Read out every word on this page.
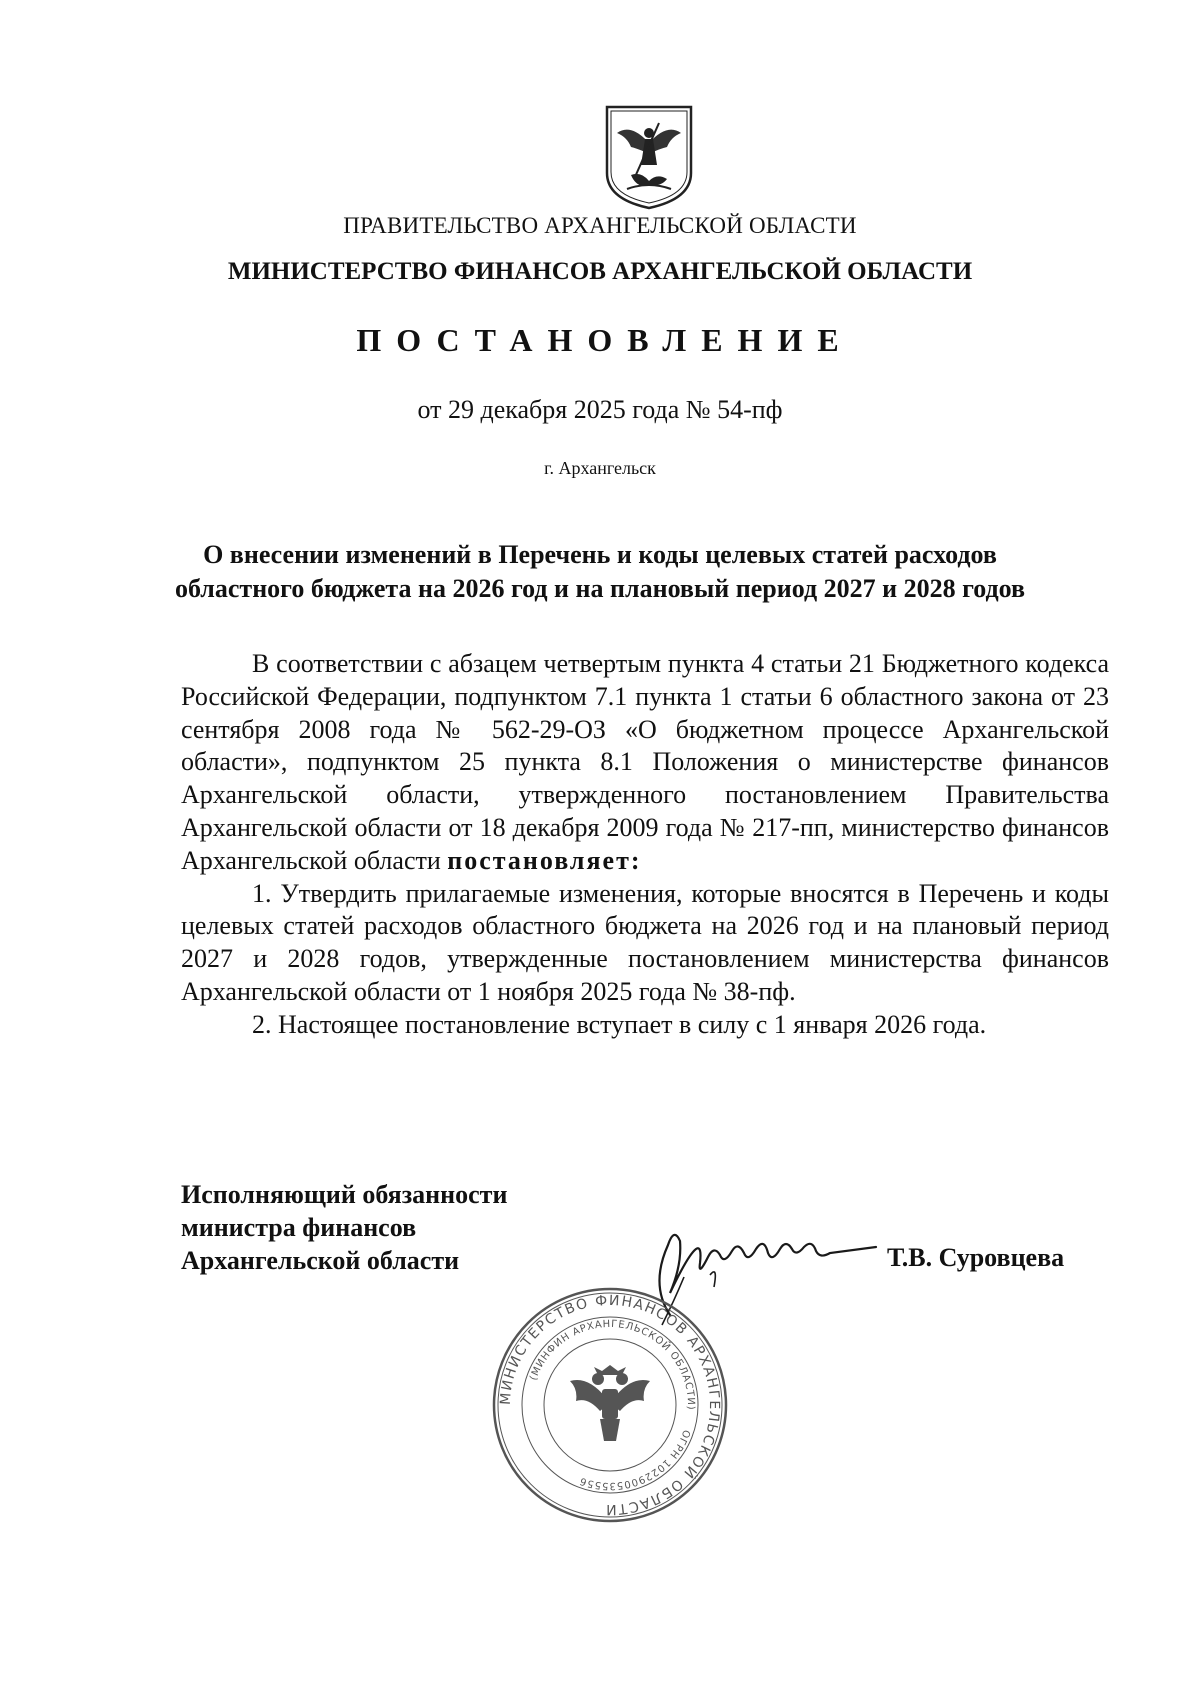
ПРАВИТЕЛЬСТВО АРХАНГЕЛЬСКОЙ ОБЛАСТИ
МИНИСТЕРСТВО ФИНАНСОВ АРХАНГЕЛЬСКОЙ ОБЛАСТИ
ПОСТАНОВЛЕНИЕ
от 29 декабря 2025 года № 54-пф
г. Архангельск
О внесении изменений в Перечень и коды целевых статей расходов
областного бюджета на 2026 год и на плановый период 2027 и 2028 годов

В соответствии с абзацем четвертым пункта 4 статьи 21 Бюджетного кодекса Российской Федерации, подпунктом 7.1 пункта 1 статьи 6 областного закона от 23 сентября 2008 года № 562-29-ОЗ «О бюджетном процессе Архангельской области», подпунктом 25 пункта 8.1 Положения о министерстве финансов Архангельской области, утвержденного постановлением Правительства Архангельской области от 18 декабря 2009 года № 217-пп, министерство финансов Архангельской области постановляет:

1. Утвердить прилагаемые изменения, которые вносятся в Перечень и коды целевых статей расходов областного бюджета на 2026 год и на плановый период 2027 и 2028 годов, утвержденные постановлением министерства финансов Архангельской области от 1 ноября 2025 года № 38-пф.

2. Настоящее постановление вступает в силу с 1 января 2026 года.

Исполняющий обязанности
министра финансов
Архангельской области	Т.В. Суровцева
МИНИСТЕРСТВО ФИНАНСОВ АРХАНГЕЛЬСКОЙ ОБЛАСТИ
(МИНФИН АРХАНГЕЛЬСКОЙ ОБЛАСТИ)
ОГРН 1022900535556
